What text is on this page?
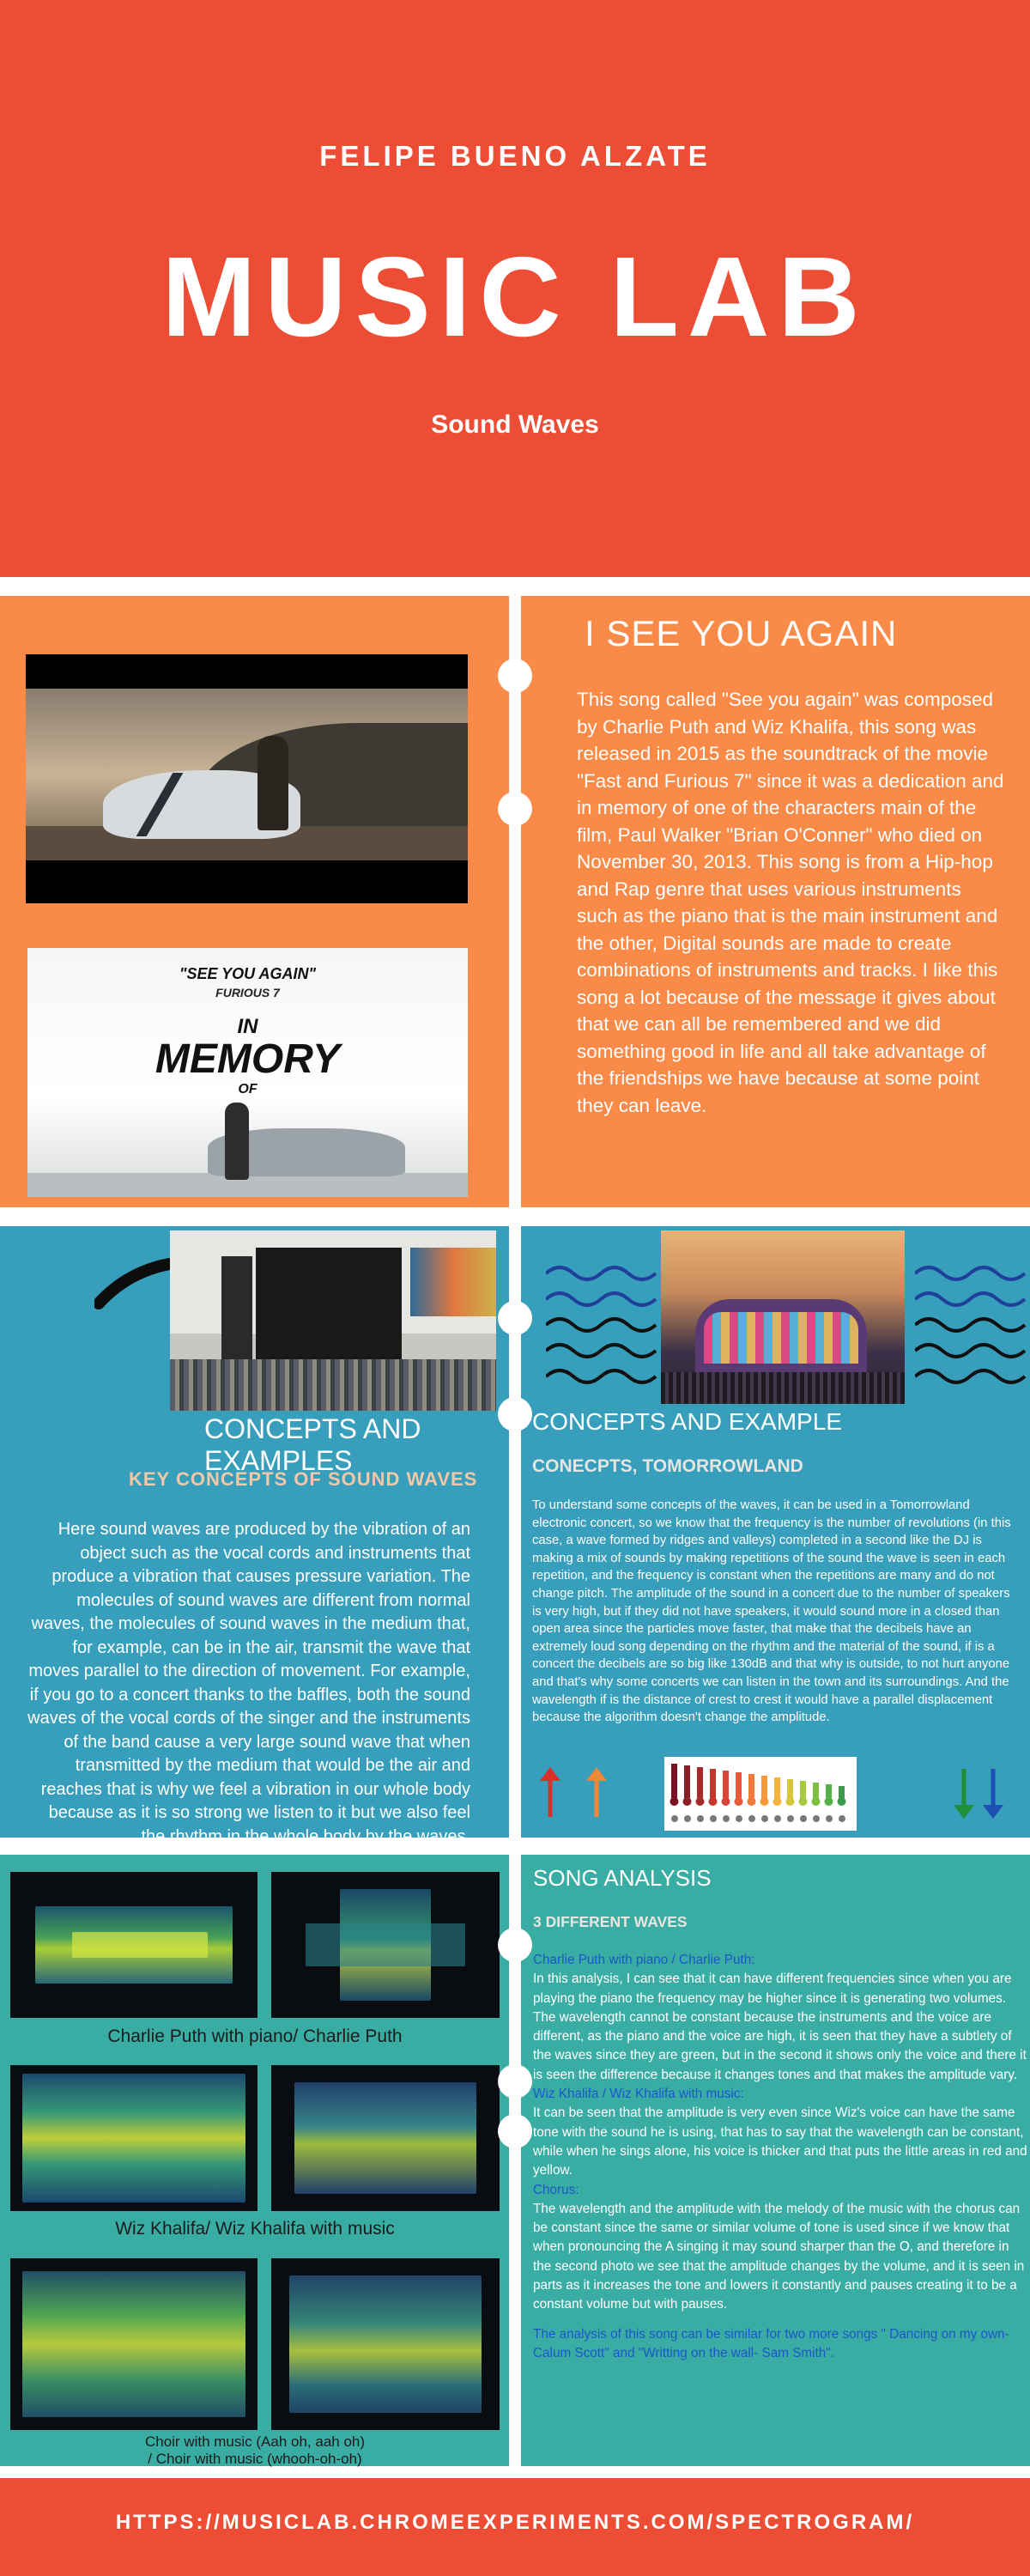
FELIPE BUENO ALZATE
MUSIC LAB
Sound Waves
"SEE YOU AGAIN"
FURIOUS 7
IN
MEMORY
OF
I SEE YOU AGAIN
This song called "See you again" was composed by Charlie Puth and Wiz Khalifa, this song was released in 2015 as the soundtrack of the movie "Fast and Furious 7" since it was a dedication and in memory of one of the characters main of the film, Paul Walker "Brian O'Conner" who died on November 30, 2013. This song is from a Hip-hop and Rap genre that uses various instruments such as the piano that is the main instrument and the other, Digital sounds are made to create combinations of instruments and tracks. I like this song a lot because of the message it gives about that we can all be remembered and we did something good in life and all take advantage of the friendships we have because at some point they can leave.
CONCEPTS AND EXAMPLES
KEY CONCEPTS OF SOUND WAVES
Here sound waves are produced by the vibration of an object such as the vocal cords and instruments that produce a vibration that causes pressure variation. The molecules of sound waves are different from normal waves, the molecules of sound waves in the medium that, for example, can be in the air, transmit the wave that moves parallel to the direction of movement. For example, if you go to a concert thanks to the baffles, both the sound waves of the vocal cords of the singer and the instruments of the band cause a very large sound wave that when transmitted by the medium that would be the air and reaches that is why we feel a vibration in our whole body because as it is so strong we listen to it but we also feel the rhythm in the whole body by the waves.
CONCEPTS AND EXAMPLE
CONECPTS, TOMORROWLAND
To understand some concepts of the waves, it can be used in a Tomorrowland electronic concert, so we know that the frequency is the number of revolutions (in this case, a wave formed by ridges and valleys) completed in a second like the DJ is making a mix of sounds by making repetitions of the sound the wave is seen in each repetition, and the frequency is constant when the repetitions are many and do not change pitch. The amplitude of the sound in a concert due to the number of speakers is very high, but if they did not have speakers, it would sound more in a closed than open area since the particles move faster, that make that the decibels have an extremely loud song depending on the rhythm and the material of the sound, if is a concert the decibels are so big like 130dB and that why is outside, to not hurt anyone and that's why some concerts we can listen in the town and its surroundings. And the wavelength if is the distance of crest to crest it would have a parallel displacement because the algorithm doesn't change the amplitude.
Charlie Puth with piano/ Charlie Puth
Wiz Khalifa/ Wiz Khalifa with music
Choir with music (Aah oh, aah oh)
/ Choir with music (whooh-oh-oh)
SONG ANALYSIS
3 DIFFERENT WAVES

Charlie Puth with piano / Charlie Puth:

In this analysis, I can see that it can have different frequencies since when you are playing the piano the frequency may be higher since it is generating two volumes. The wavelength cannot be constant because the instruments and the voice are different, as the piano and the voice are high, it is seen that they have a subtlety of the waves since they are green, but in the second it shows only the voice and there it is seen the difference because it changes tones and that makes the amplitude vary.

Wiz Khalifa / Wiz Khalifa with music:

It can be seen that the amplitude is very even since Wiz's voice can have the same tone with the sound he is using, that has to say that the wavelength can be constant, while when he sings alone, his voice is thicker and that puts the little areas in red and yellow.

Chorus:

The wavelength and the amplitude with the melody of the music with the chorus can be constant since the same or similar volume of tone is used since if we know that when pronouncing the A singing it may sound sharper than the O, and therefore in the second photo we see that the amplitude changes by the volume, and it is seen in parts as it increases the tone and lowers it constantly and pauses creating it to be a constant volume but with pauses.

The analysis of this song can be similar for two more songs " Dancing on my own- Calum Scott" and "Writting on the wall- Sam Smith".

HTTPS://MUSICLAB.CHROMEEXPERIMENTS.COM/SPECTROGRAM/
